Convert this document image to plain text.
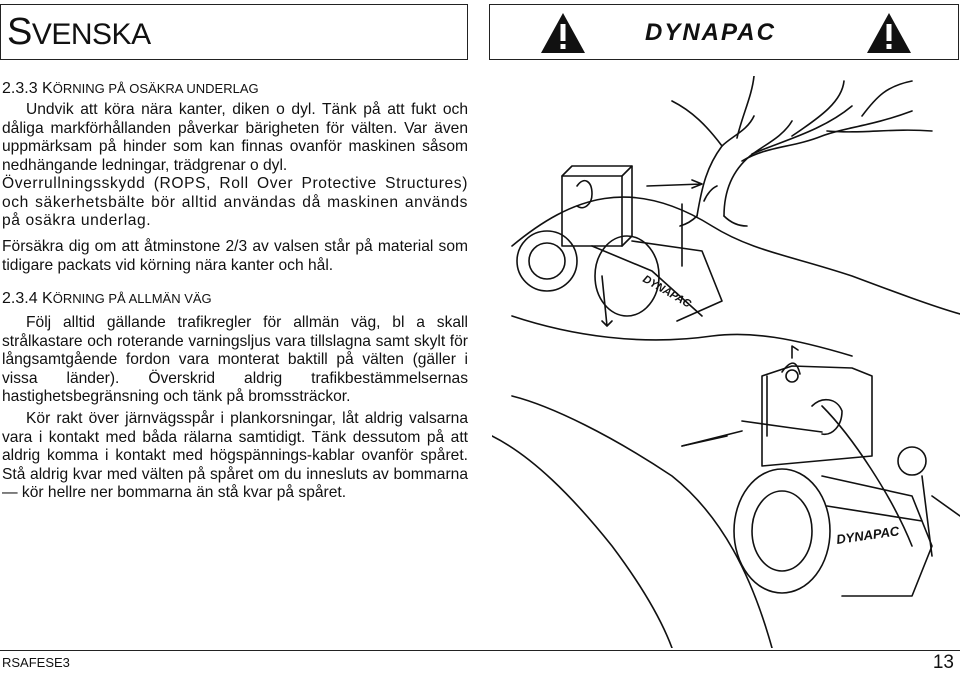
SVENSKA	DYNAPAC
2.3.3 KÖRNING PÅ OSÄKRA UNDERLAG

Undvik att köra nära kanter, diken o dyl. Tänk på att fukt och dåliga markförhållanden påverkar bärigheten för välten. Var även uppmärksam på hinder som kan finnas ovanför maskinen såsom nedhängande ledningar, trädgrenar o dyl.

Överrullningsskydd (ROPS, Roll Over Protective Structures) och säkerhetsbälte bör alltid användas då maskinen används på osäkra underlag.

Försäkra dig om att åtminstone 2/3 av valsen står på material som tidigare packats vid körning nära kanter och hål.

2.3.4 KÖRNING PÅ ALLMÄN VÄG

Följ alltid gällande trafikregler för allmän väg, bl a skall strålkastare och roterande varningsljus vara tillslagna samt skylt för långsamtgående fordon vara monterat baktill på välten (gäller i vissa länder). Överskrid aldrig trafikbestämmelsernas hastighetsbegränsning och tänk på bromssträckor.

Kör rakt över järnvägsspår i plankorsningar, låt aldrig valsarna vara i kontakt med båda rälarna samtidigt. Tänk dessutom på att aldrig komma i kontakt med högspännings-kablar ovanför spåret. Stå aldrig kvar med välten på spåret om du innesluts av bommarna — kör hellre ner bommarna än stå kvar på spåret.

DYNAPAC
DYNAPAC
RSAFESE3	13
